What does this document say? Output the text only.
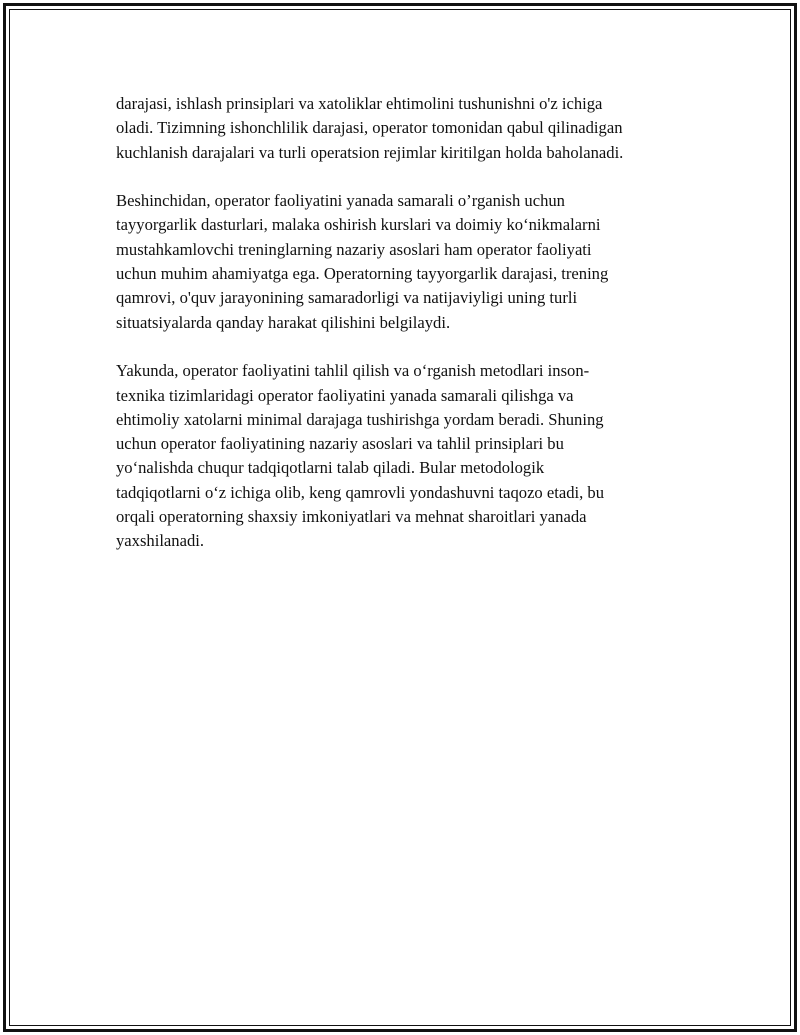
darajasi, ishlash prinsiplari va xatoliklar ehtimolini tushunishni o'z ichiga
oladi. Tizimning ishonchlilik darajasi, operator tomonidan qabul qilinadigan
kuchlanish darajalari va turli operatsion rejimlar kiritilgan holda baholanadi.

Beshinchidan, operator faoliyatini yanada samarali o’rganish uchun
tayyorgarlik dasturlari, malaka oshirish kurslari va doimiy ko‘nikmalarni
mustahkamlovchi treninglarning nazariy asoslari ham operator faoliyati
uchun muhim ahamiyatga ega. Operatorning tayyorgarlik darajasi, trening
qamrovi, o'quv jarayonining samaradorligi va natijaviyligi uning turli
situatsiyalarda qanday harakat qilishini belgilaydi.

Yakunda, operator faoliyatini tahlil qilish va o‘rganish metodlari inson-
texnika tizimlaridagi operator faoliyatini yanada samarali qilishga va
ehtimoliy xatolarni minimal darajaga tushirishga yordam beradi. Shuning
uchun operator faoliyatining nazariy asoslari va tahlil prinsiplari bu
yo‘nalishda chuqur tadqiqotlarni talab qiladi. Bular metodologik
tadqiqotlarni o‘z ichiga olib, keng qamrovli yondashuvni taqozo etadi, bu
orqali operatorning shaxsiy imkoniyatlari va mehnat sharoitlari yanada
yaxshilanadi.
